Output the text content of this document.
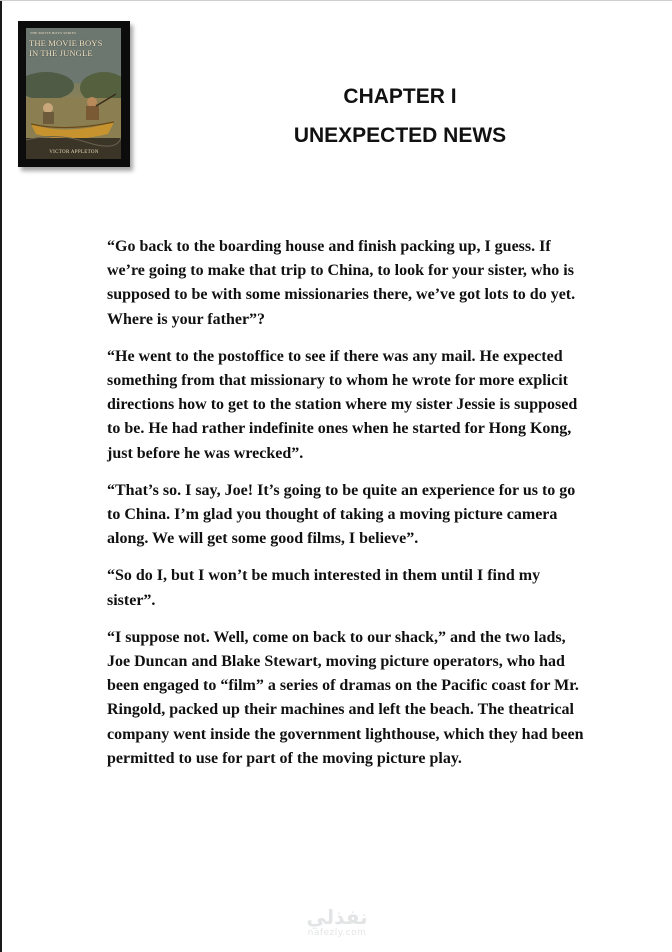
THE MOVIE BOYS SERIES
THE MOVIE BOYS
IN THE JUNGLE
VICTOR APPLETON
CHAPTER I
UNEXPECTED NEWS

“Go back to the boarding house and finish packing up, I guess. If we’re going to make that trip to China, to look for your sister, who is supposed to be with some missionaries there, we’ve got lots to do yet. Where is your father”?

“He went to the postoffice to see if there was any mail. He expected something from that missionary to whom he wrote for more explicit directions how to get to the station where my sister Jessie is supposed to be. He had rather indefinite ones when he started for Hong Kong, just before he was wrecked”.

“That’s so. I say, Joe! It’s going to be quite an experience for us to go to China. I’m glad you thought of taking a moving picture camera along. We will get some good films, I believe”.

“So do I, but I won’t be much interested in them until I find my sister”.

“I suppose not. Well, come on back to our shack,” and the two lads, Joe Duncan and Blake Stewart, moving picture operators, who had been engaged to “film” a series of dramas on the Pacific coast for Mr. Ringold, packed up their machines and left the beach. The theatrical company went inside the government lighthouse, which they had been permitted to use for part of the moving picture play.

نفذلي
nafezly.com
